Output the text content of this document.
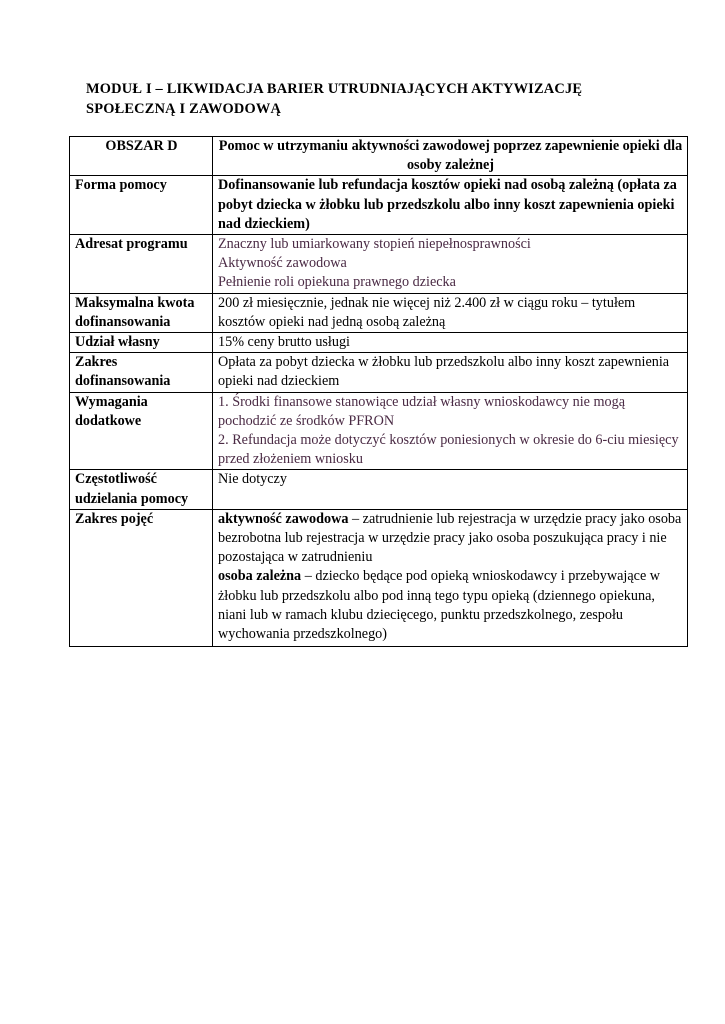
MODUŁ I – LIKWIDACJA BARIER UTRUDNIAJĄCYCH AKTYWIZACJĘ
SPOŁECZNĄ I ZAWODOWĄ
OBSZAR D	Pomoc w utrzymaniu aktywności zawodowej poprzez zapewnienie opieki dla osoby zależnej
Forma pomocy	Dofinansowanie lub refundacja kosztów opieki nad osobą zależną (opłata za pobyt dziecka w żłobku lub przedszkolu albo inny koszt zapewnienia opieki nad dzieckiem)
Adresat programu	Znaczny lub umiarkowany stopień niepełnosprawności
Aktywność zawodowa
Pełnienie roli opiekuna prawnego dziecka

Maksymalna kwota dofinansowania	200 zł miesięcznie, jednak nie więcej niż 2.400 zł w ciągu roku – tytułem kosztów opieki nad jedną osobą zależną
Udział własny	15% ceny brutto usługi
Zakres dofinansowania	Opłata za pobyt dziecka w żłobku lub przedszkolu albo inny koszt zapewnienia opieki nad dzieckiem
Wymagania dodatkowe	1. Środki finansowe stanowiące udział własny wnioskodawcy nie mogą pochodzić ze środków PFRON
2. Refundacja może dotyczyć kosztów poniesionych w okresie do 6-ciu miesięcy przed złożeniem wniosku

Częstotliwość udzielania pomocy	Nie dotyczy
Zakres pojęć	aktywność zawodowa – zatrudnienie lub rejestracja w urzędzie pracy jako osoba bezrobotna lub rejestracja w urzędzie pracy jako osoba poszukująca pracy i nie pozostająca w zatrudnieniu
osoba zależna – dziecko będące pod opieką wnioskodawcy i przebywające w żłobku lub przedszkolu albo pod inną tego typu opieką (dziennego opiekuna, niani lub w ramach klubu dziecięcego, punktu przedszkolnego, zespołu wychowania przedszkolnego)
